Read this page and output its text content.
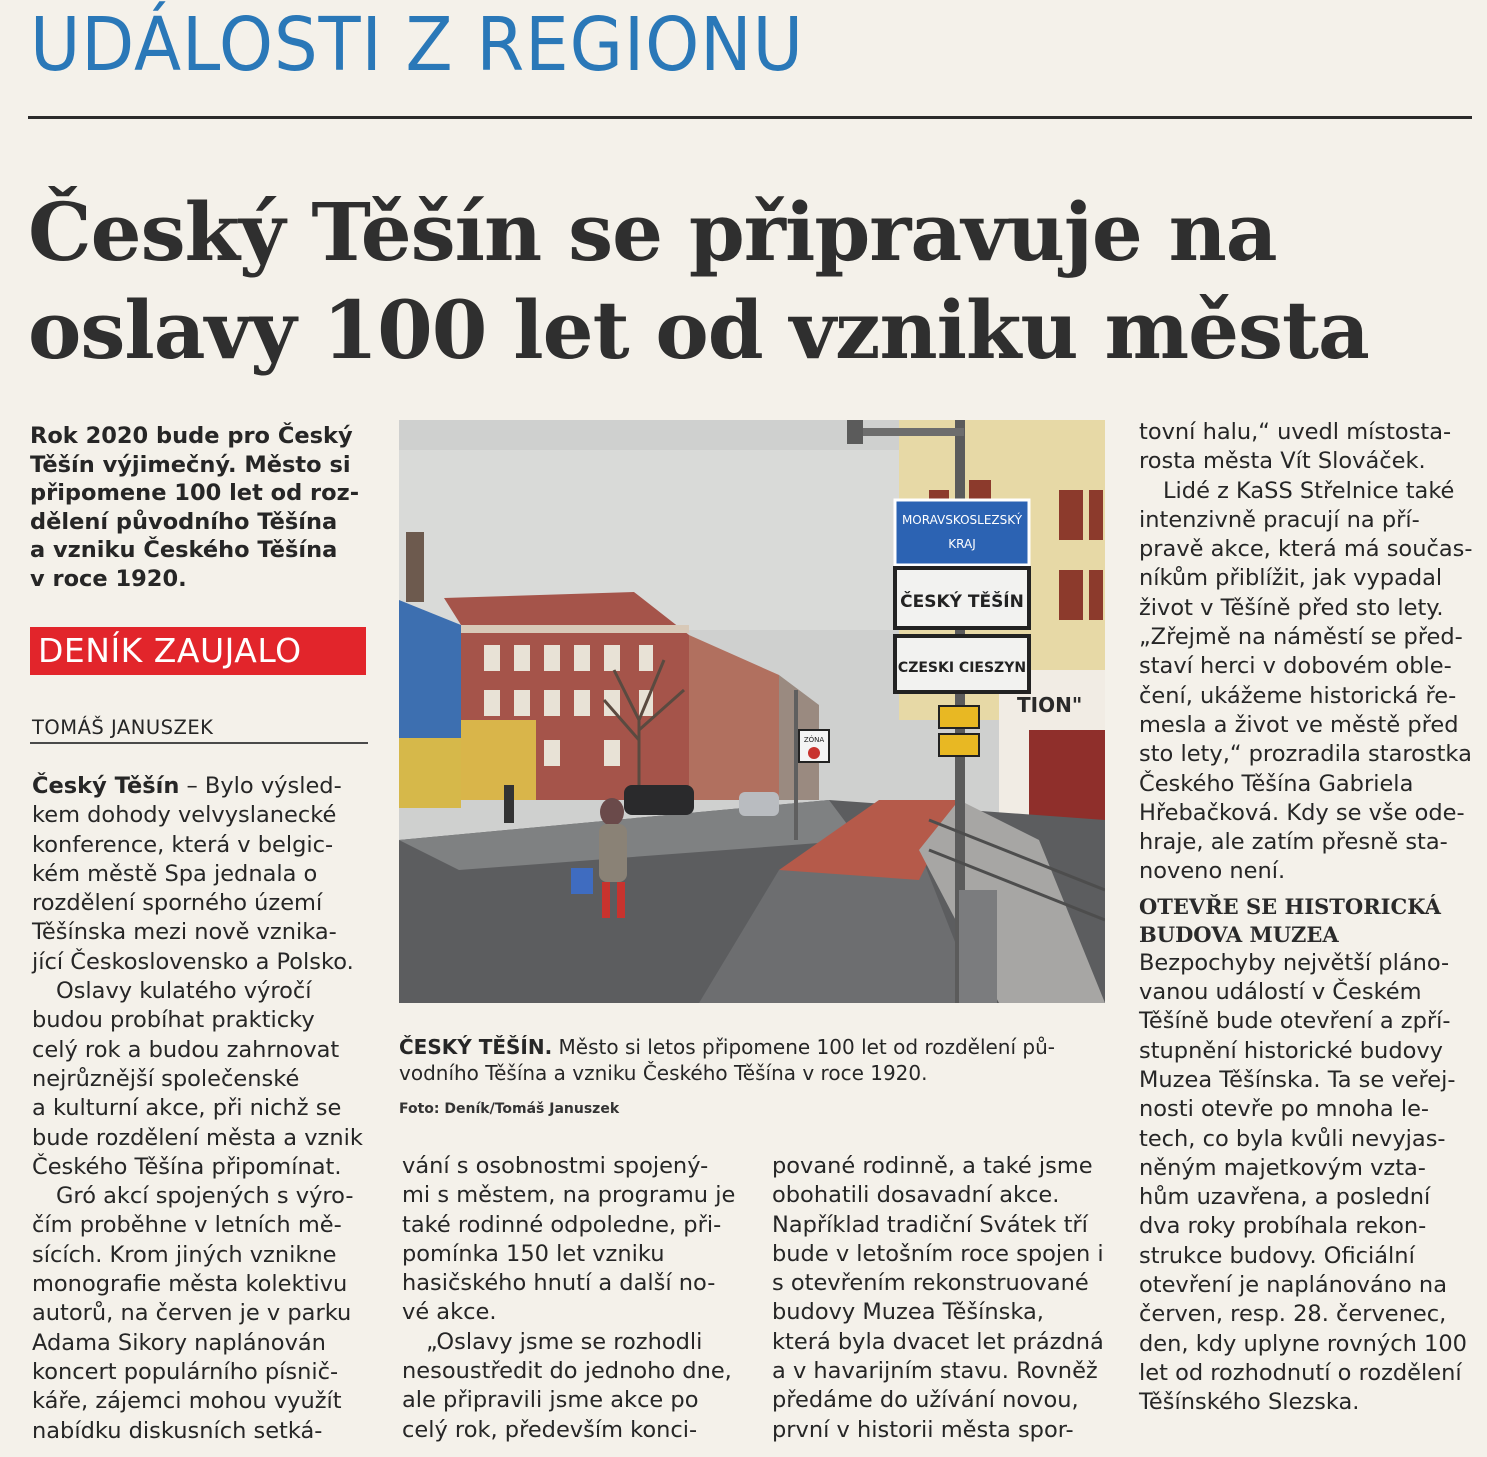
UDÁLOSTI Z REGIONU
Český Těšín se připravuje na
oslavy 100 let od vzniku města
Rok 2020 bude pro Český
Těšín výjimečný. Město si
připomene 100 let od roz-
dělení původního Těšína
a vzniku Českého Těšína
v roce 1920.
DENÍK ZAUJALO
TOMÁŠ JANUSZEK
Český Těšín – Bylo výsled-
kem dohody velvyslanecké
konference, která v belgic-
kém městě Spa jednala o
rozdělení sporného území
Těšínska mezi nově vznika-
jící Československo a Polsko.
Oslavy kulatého výročí
budou probíhat prakticky
celý rok a budou zahrnovat
nejrůznější společenské
a kulturní akce, při nichž se
bude rozdělení města a vznik
Českého Těšína připomínat.
Gró akcí spojených s výro-
čím proběhne v letních mě-
sících. Krom jiných vznikne
monografie města kolektivu
autorů, na červen je v parku
Adama Sikory naplánován
koncert populárního písnič-
káře, zájemci mohou využít
nabídku diskusních setká-
MORAVSKOSLEZSKÝ
KRAJ
ČESKÝ TĚŠÍN
CZESKI CIESZYN
ZÓNA
TION"
ČESKÝ TĚŠÍN. Město si letos připomene 100 let od rozdělení pů-
vodního Těšína a vzniku Českého Těšína v roce 1920.
Foto: Deník/Tomáš Januszek
vání s osobnostmi spojený-
mi s městem, na programu je
také rodinné odpoledne, při-
pomínka 150 let vzniku
hasičského hnutí a další no-
vé akce.
„Oslavy jsme se rozhodli
nesoustředit do jednoho dne,
ale připravili jsme akce po
celý rok, především konci-
pované rodinně, a také jsme
obohatili dosavadní akce.
Například tradiční Svátek tří
bude v letošním roce spojen i
s otevřením rekonstruované
budovy Muzea Těšínska,
která byla dvacet let prázdná
a v havarijním stavu. Rovněž
předáme do užívání novou,
první v historii města spor-
tovní halu,“ uvedl místosta-
rosta města Vít Slováček.
Lidé z KaSS Střelnice také
intenzivně pracují na pří-
pravě akce, která má součas-
níkům přiblížit, jak vypadal
život v Těšíně před sto lety.
„Zřejmě na náměstí se před-
staví herci v dobovém oble-
čení, ukážeme historická ře-
mesla a život ve městě před
sto lety,“ prozradila starostka
Českého Těšína Gabriela
Hřebačková. Kdy se vše ode-
hraje, ale zatím přesně sta-
noveno není.
OTEVŘE SE HISTORICKÁ
BUDOVA MUZEA
Bezpochyby největší pláno-
vanou událostí v Českém
Těšíně bude otevření a zpří-
stupnění historické budovy
Muzea Těšínska. Ta se veřej-
nosti otevře po mnoha le-
tech, co byla kvůli nevyjas-
něným majetkovým vzta-
hům uzavřena, a poslední
dva roky probíhala rekon-
strukce budovy. Oficiální
otevření je naplánováno na
červen, resp. 28. červenec,
den, kdy uplyne rovných 100
let od rozhodnutí o rozdělení
Těšínského Slezska.
